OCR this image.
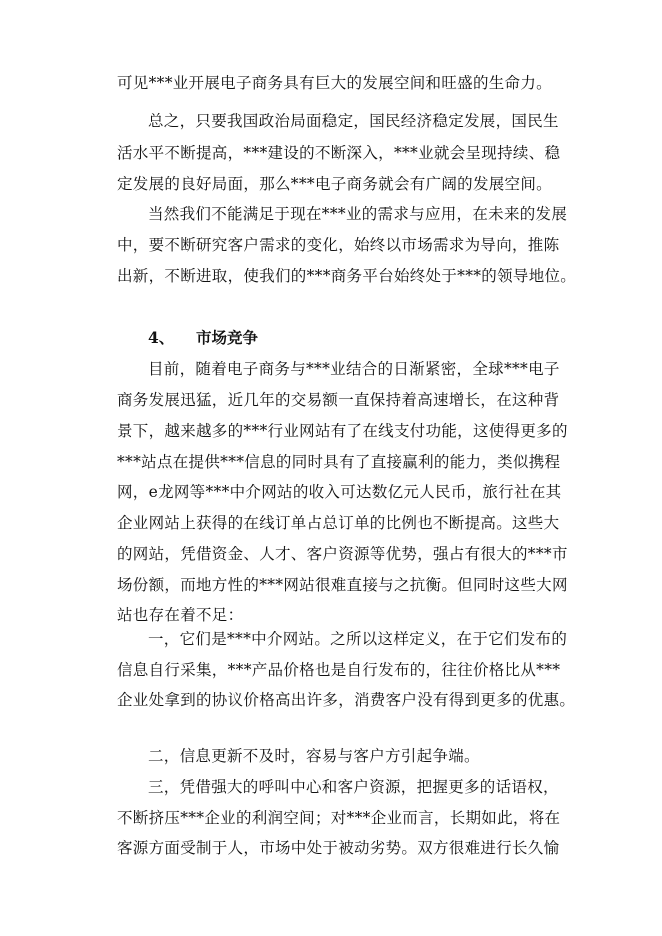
可见***业开展电子商务具有巨大的发展空间和旺盛的生命力。
总之，只要我国政治局面稳定，国民经济稳定发展，国民生
活水平不断提高，***建设的不断深入，***业就会呈现持续、稳
定发展的良好局面，那么***电子商务就会有广阔的发展空间。
当然我们不能满足于现在***业的需求与应用，在未来的发展
中，要不断研究客户需求的变化，始终以市场需求为导向，推陈
出新，不断进取，使我们的***商务平台始终处于***的领导地位。
4、 市场竞争
目前，随着电子商务与***业结合的日渐紧密，全球***电子
商务发展迅猛，近几年的交易额一直保持着高速增长，在这种背
景下，越来越多的***行业网站有了在线支付功能，这使得更多的
***站点在提供***信息的同时具有了直接赢利的能力，类似携程
网，e龙网等***中介网站的收入可达数亿元人民币，旅行社在其
企业网站上获得的在线订单占总订单的比例也不断提高。这些大
的网站，凭借资金、人才、客户资源等优势，强占有很大的***市
场份额，而地方性的***网站很难直接与之抗衡。但同时这些大网
站也存在着不足：
一，它们是***中介网站。之所以这样定义，在于它们发布的
信息自行采集，***产品价格也是自行发布的，往往价格比从***
企业处拿到的协议价格高出许多，消费客户没有得到更多的优惠。
二，信息更新不及时，容易与客户方引起争端。
三，凭借强大的呼叫中心和客户资源，把握更多的话语权，
不断挤压***企业的利润空间；对***企业而言，长期如此，将在
客源方面受制于人，市场中处于被动劣势。双方很难进行长久愉
